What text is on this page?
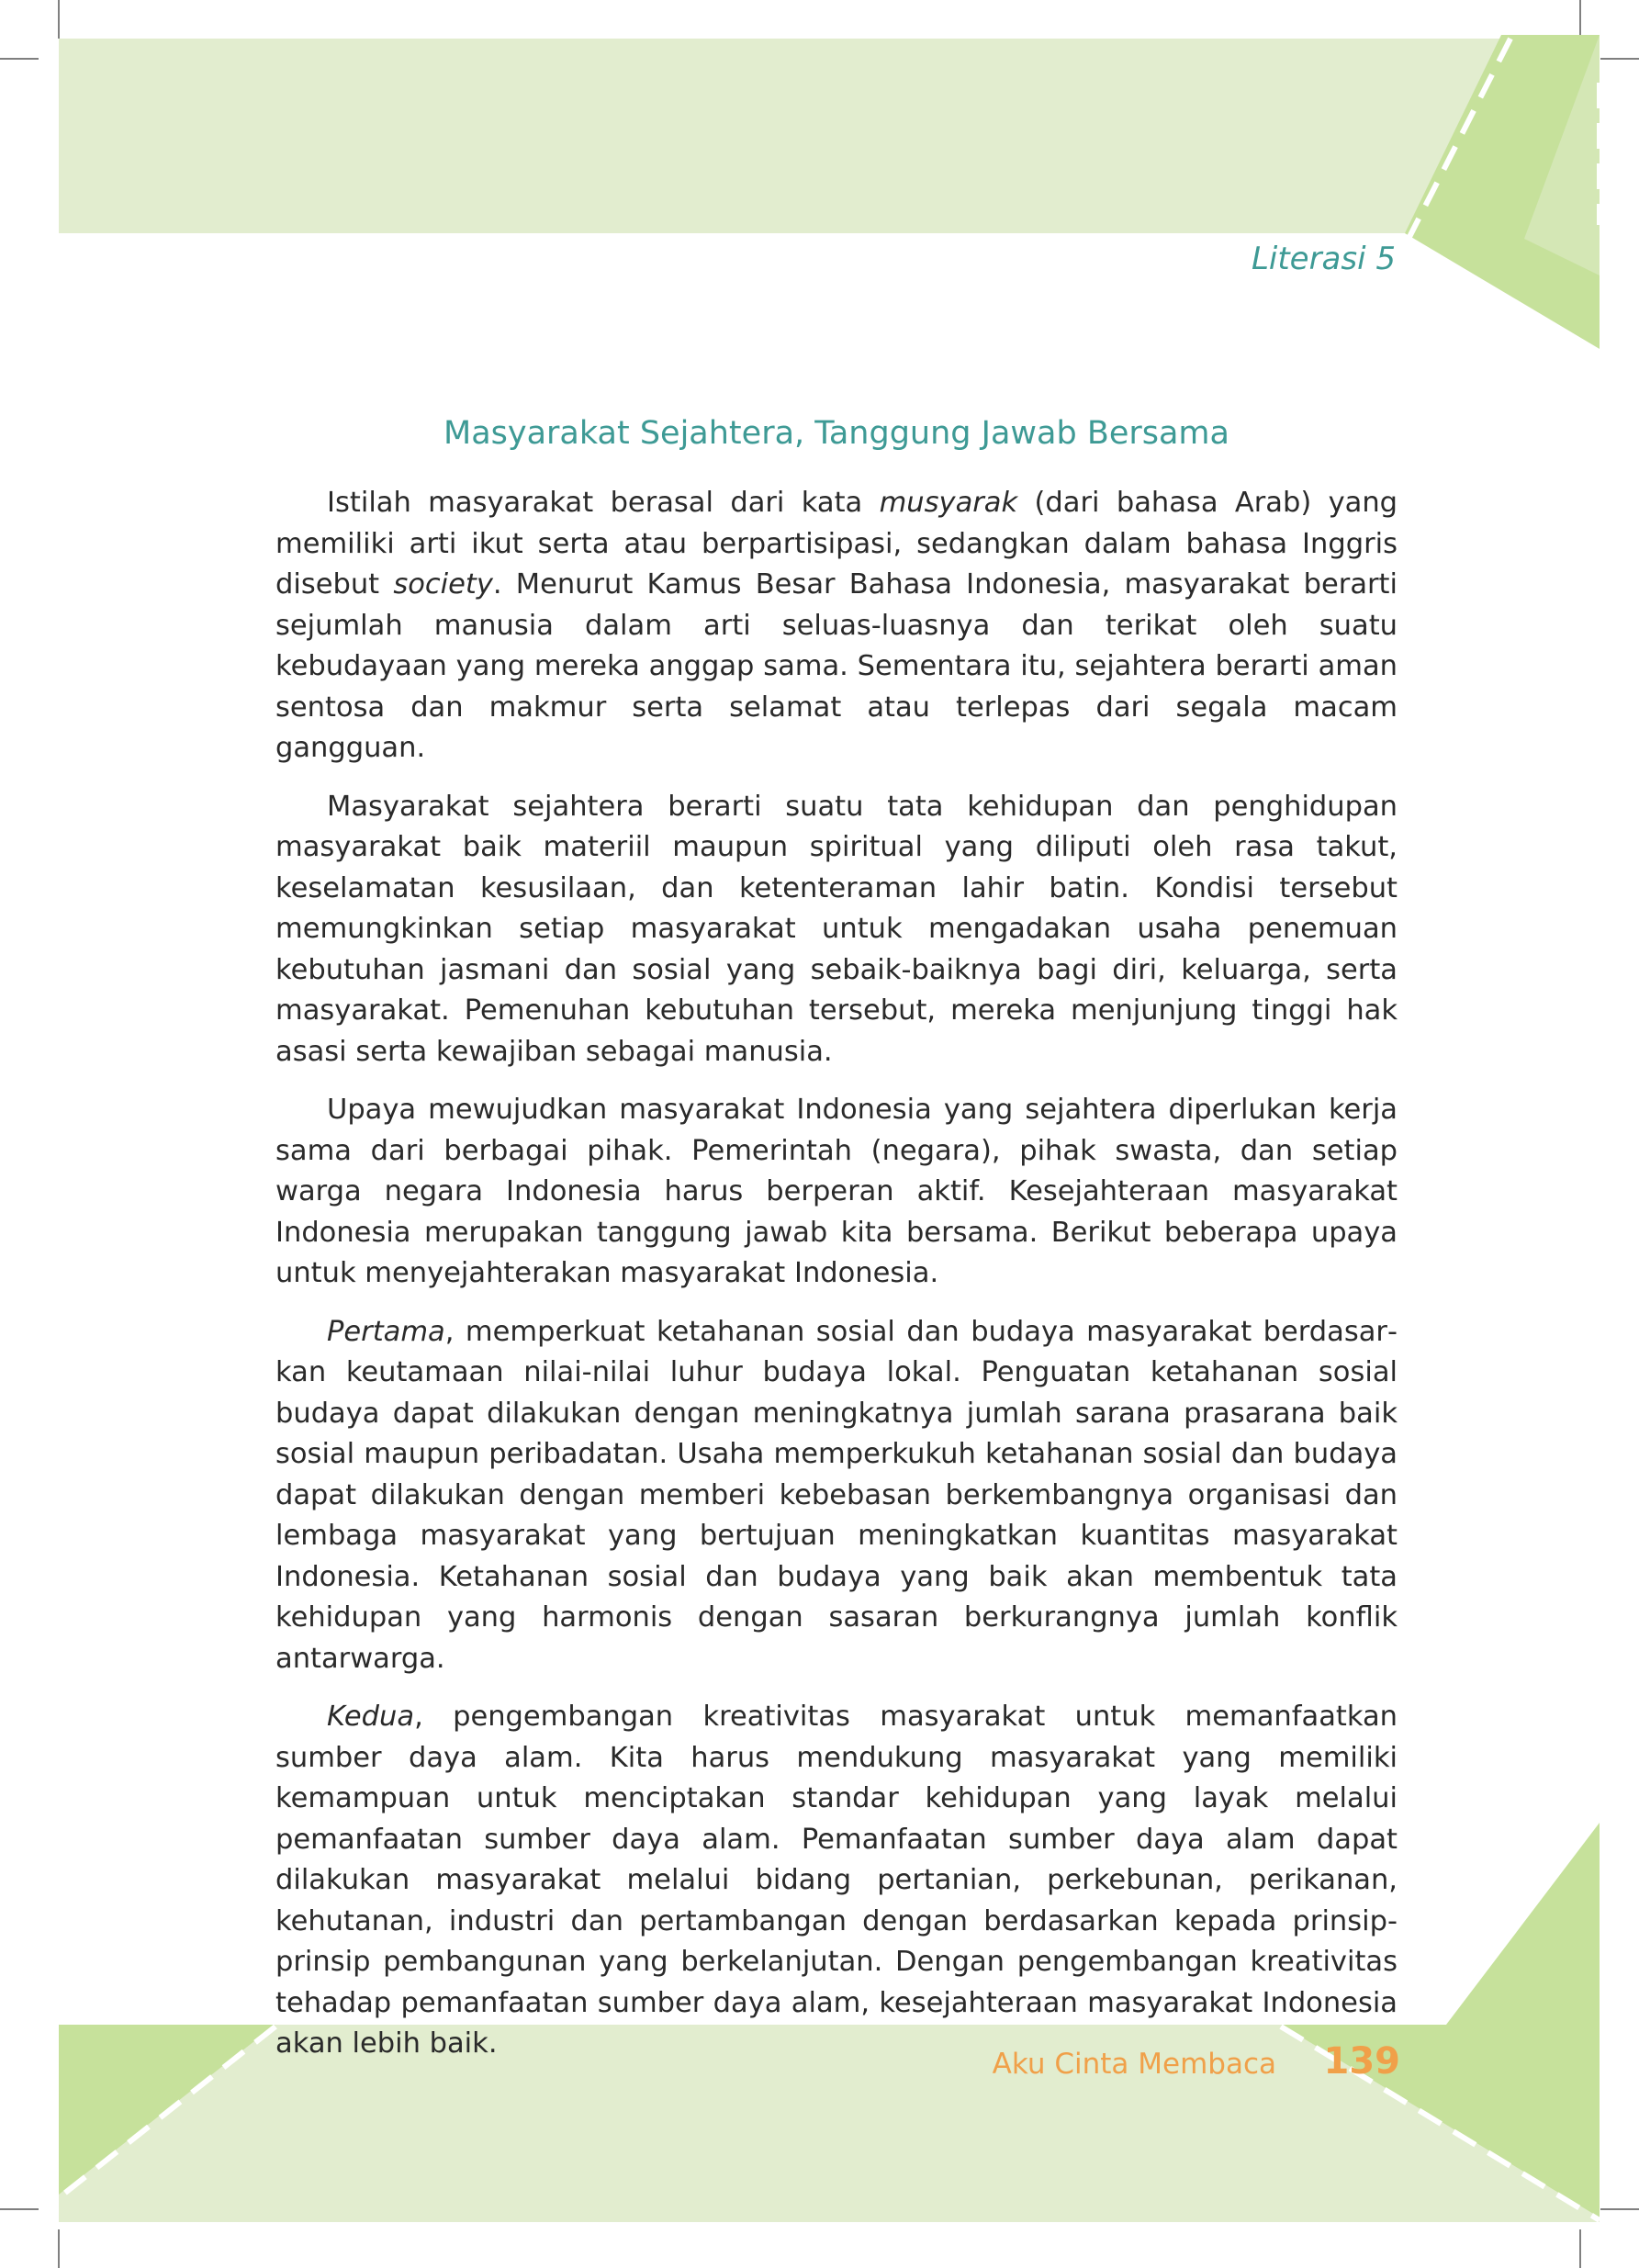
Literasi 5
Masyarakat Sejahtera, Tanggung Jawab Bersama

Istilah masyarakat berasal dari kata musyarak (dari bahasa Arab) yang memiliki arti ikut serta atau berpartisipasi, sedangkan dalam bahasa Inggris disebut society. Menurut Kamus Besar Bahasa Indonesia, masyarakat berarti sejumlah manusia dalam arti seluas-luasnya dan terikat oleh suatu kebudayaan yang mereka anggap sama. Sementara itu, sejahtera berarti aman sentosa dan makmur serta selamat atau terlepas dari segala macam gangguan.

Masyarakat sejahtera berarti suatu tata kehidupan dan penghidupan masyarakat baik materiil maupun spiritual yang diliputi oleh rasa takut, keselamatan kesusilaan, dan ketenteraman lahir batin. Kondisi tersebut memungkinkan setiap masyarakat untuk mengadakan usaha penemuan kebutuhan jasmani dan sosial yang sebaik-baiknya bagi diri, keluarga, serta masyarakat. Pemenuhan kebutuhan tersebut, mereka menjunjung tinggi hak asasi serta kewajiban sebagai manusia.

Upaya mewujudkan masyarakat Indonesia yang sejahtera diperlukan kerja sama dari berbagai pihak. Pemerintah (negara), pihak swasta, dan setiap warga negara Indonesia harus berperan aktif. Kesejahteraan masyarakat Indonesia merupakan tanggung jawab kita bersama. Berikut beberapa upaya untuk menyejahterakan masyarakat Indonesia.

Pertama, memperkuat ketahanan sosial dan budaya masyarakat berdasarkan keutamaan nilai-nilai luhur budaya lokal. Penguatan ketahanan sosial budaya dapat dilakukan dengan meningkatnya jumlah sarana prasarana baik sosial maupun peribadatan. Usaha memperkukuh ketahanan sosial dan budaya dapat dilakukan dengan memberi kebebasan berkembangnya organisasi dan lembaga masyarakat yang bertujuan meningkatkan kuantitas masyarakat Indonesia. Ketahanan sosial dan budaya yang baik akan membentuk tata kehidupan yang harmonis dengan sasaran berkurangnya jumlah konflik antarwarga.

Kedua, pengembangan kreativitas masyarakat untuk memanfaatkan sumber daya alam. Kita harus mendukung masyarakat yang memiliki kemampuan untuk menciptakan standar kehidupan yang layak melalui pemanfaatan sumber daya alam. Pemanfaatan sumber daya alam dapat dilakukan masyarakat melalui bidang pertanian, perkebunan, perikanan, kehutanan, industri dan pertambangan dengan berdasarkan kepada prinsip-prinsip pembangunan yang berkelanjutan. Dengan pengembangan kreativitas tehadap pemanfaatan sumber daya alam, kesejahteraan masyarakat Indonesia akan lebih baik.

Aku Cinta Membaca 139
